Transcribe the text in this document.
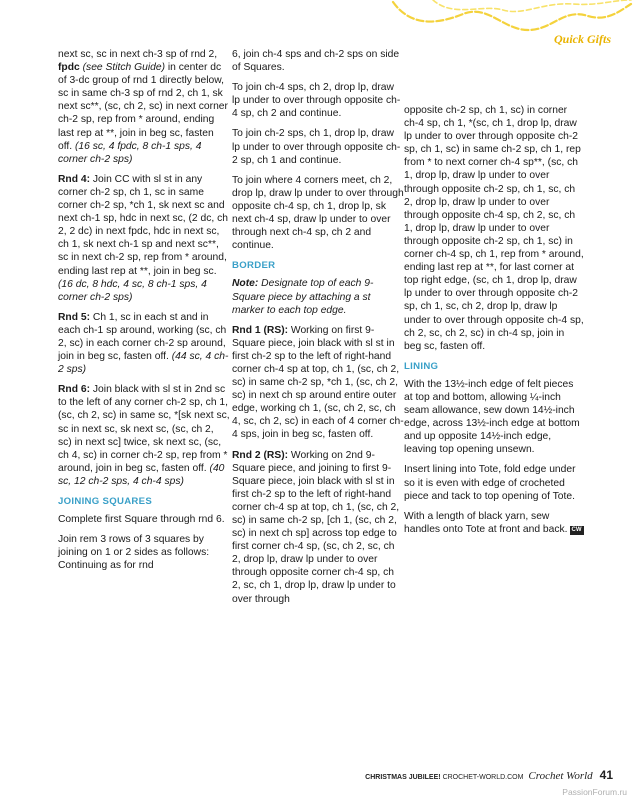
Quick Gifts

next sc, sc in next ch-3 sp of rnd 2, fpdc (see Stitch Guide) in center dc of 3-dc group of rnd 1 directly below, sc in same ch-3 sp of rnd 2, ch 1, sk next sc**, (sc, ch 2, sc) in next corner ch-2 sp, rep from * around, ending last rep at **, join in beg sc, fasten off. (16 sc, 4 fpdc, 8 ch-1 sps, 4 corner ch-2 sps)

Rnd 4: Join CC with sl st in any corner ch-2 sp, ch 1, sc in same corner ch-2 sp, *ch 1, sk next sc and next ch-1 sp, hdc in next sc, (2 dc, ch 2, 2 dc) in next fpdc, hdc in next sc, ch 1, sk next ch-1 sp and next sc**, sc in next ch-2 sp, rep from * around, ending last rep at **, join in beg sc. (16 dc, 8 hdc, 4 sc, 8 ch-1 sps, 4 corner ch-2 sps)

Rnd 5: Ch 1, sc in each st and in each ch-1 sp around, working (sc, ch 2, sc) in each corner ch-2 sp around, join in beg sc, fasten off. (44 sc, 4 ch-2 sps)

Rnd 6: Join black with sl st in 2nd sc to the left of any corner ch-2 sp, ch 1, (sc, ch 2, sc) in same sc, *[sk next sc, sc in next sc, sk next sc, (sc, ch 2, sc) in next sc] twice, sk next sc, (sc, ch 4, sc) in corner ch-2 sp, rep from * around, join in beg sc, fasten off. (40 sc, 12 ch-2 sps, 4 ch-4 sps)

JOINING SQUARES

Complete first Square through rnd 6.

Join rem 3 rows of 3 squares by joining on 1 or 2 sides as follows: Continuing as for rnd

6, join ch-4 sps and ch-2 sps on side of Squares.

To join ch-4 sps, ch 2, drop lp, draw lp under to over through opposite ch-4 sp, ch 2 and continue.

To join ch-2 sps, ch 1, drop lp, draw lp under to over through opposite ch-2 sp, ch 1 and continue.

To join where 4 corners meet, ch 2, drop lp, draw lp under to over through opposite ch-4 sp, ch 1, drop lp, sk next ch-4 sp, draw lp under to over through next ch-4 sp, ch 2 and continue.

BORDER

Note: Designate top of each 9-Square piece by attaching a st marker to each top edge.

Rnd 1 (RS): Working on first 9-Square piece, join black with sl st in first ch-2 sp to the left of right-hand corner ch-4 sp at top, ch 1, (sc, ch 2, sc) in same ch-2 sp, *ch 1, (sc, ch 2, sc) in next ch sp around entire outer edge, working ch 1, (sc, ch 2, sc, ch 4, sc, ch 2, sc) in each of 4 corner ch-4 sps, join in beg sc, fasten off.

Rnd 2 (RS): Working on 2nd 9-Square piece, and joining to first 9-Square piece, join black with sl st in first ch-2 sp to the left of right-hand corner ch-4 sp at top, ch 1, (sc, ch 2, sc) in same ch-2 sp, [ch 1, (sc, ch 2, sc) in next ch sp] across top edge to first corner ch-4 sp, (sc, ch 2, sc, ch 2, drop lp, draw lp under to over through opposite corner ch-4 sp, ch 2, sc, ch 1, drop lp, draw lp under to over through

opposite ch-2 sp, ch 1, sc) in corner ch-4 sp, ch 1, *(sc, ch 1, drop lp, draw lp under to over through opposite ch-2 sp, ch 1, sc) in same ch-2 sp, ch 1, rep from * to next corner ch-4 sp**, (sc, ch 1, drop lp, draw lp under to over through opposite ch-2 sp, ch 1, sc, ch 2, drop lp, draw lp under to over through opposite ch-4 sp, ch 2, sc, ch 1, drop lp, draw lp under to over through opposite ch-2 sp, ch 1, sc) in corner ch-4 sp, ch 1, rep from * around, ending last rep at **, for last corner at top right edge, (sc, ch 1, drop lp, draw lp under to over through opposite ch-2 sp, ch 1, sc, ch 2, drop lp, draw lp under to over through opposite ch-4 sp, ch 2, sc, ch 2, sc) in ch-4 sp, join in beg sc, fasten off.

LINING

With the 13½-inch edge of felt pieces at top and bottom, allowing ¼-inch seam allowance, sew down 14½-inch edge, across 13½-inch edge at bottom and up opposite 14½-inch edge, leaving top opening unsewn.

Insert lining into Tote, fold edge under so it is even with edge of crocheted piece and tack to top opening of Tote.

With a length of black yarn, sew handles onto Tote at front and back. CW

CHRISTMAS JUBILEE! CROCHET-WORLD.COM Crochet World 41
PassionForum.ru
